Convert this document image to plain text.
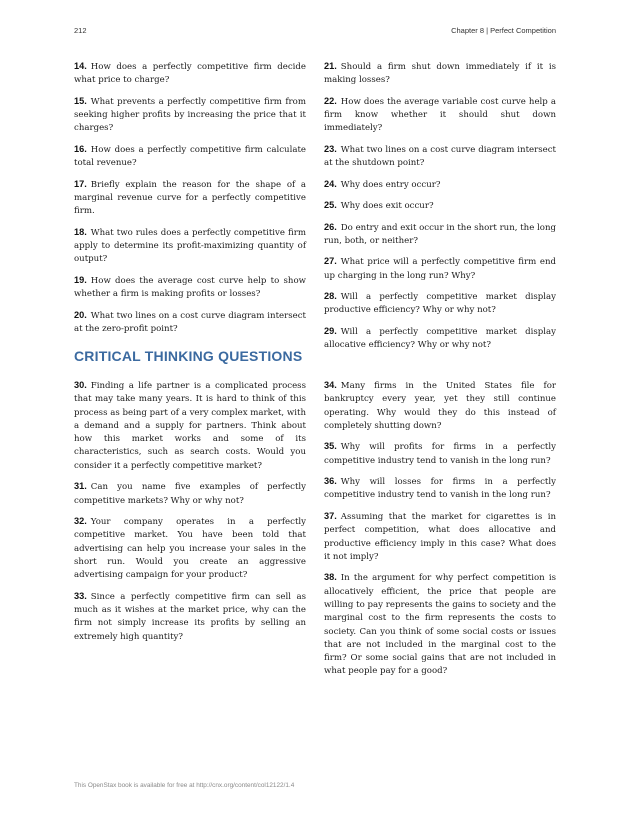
212	Chapter 8 | Perfect Competition

14. How does a perfectly competitive firm decide what price to charge?

15. What prevents a perfectly competitive firm from seeking higher profits by increasing the price that it charges?

16. How does a perfectly competitive firm calculate total revenue?

17. Briefly explain the reason for the shape of a marginal revenue curve for a perfectly competitive firm.

18. What two rules does a perfectly competitive firm apply to determine its profit-maximizing quantity of output?

19. How does the average cost curve help to show whether a firm is making profits or losses?

20. What two lines on a cost curve diagram intersect at the zero-profit point?

21. Should a firm shut down immediately if it is making losses?

22. How does the average variable cost curve help a firm know whether it should shut down immediately?

23. What two lines on a cost curve diagram intersect at the shutdown point?

24. Why does entry occur?

25. Why does exit occur?

26. Do entry and exit occur in the short run, the long run, both, or neither?

27. What price will a perfectly competitive firm end up charging in the long run? Why?

28. Will a perfectly competitive market display productive efficiency? Why or why not?

29. Will a perfectly competitive market display allocative efficiency? Why or why not?

CRITICAL THINKING QUESTIONS

30. Finding a life partner is a complicated process that may take many years. It is hard to think of this process as being part of a very complex market, with a demand and a supply for partners. Think about how this market works and some of its characteristics, such as search costs. Would you consider it a perfectly competitive market?

31. Can you name five examples of perfectly competitive markets? Why or why not?

32. Your company operates in a perfectly competitive market. You have been told that advertising can help you increase your sales in the short run. Would you create an aggressive advertising campaign for your product?

33. Since a perfectly competitive firm can sell as much as it wishes at the market price, why can the firm not simply increase its profits by selling an extremely high quantity?

34. Many firms in the United States file for bankruptcy every year, yet they still continue operating. Why would they do this instead of completely shutting down?

35. Why will profits for firms in a perfectly competitive industry tend to vanish in the long run?

36. Why will losses for firms in a perfectly competitive industry tend to vanish in the long run?

37. Assuming that the market for cigarettes is in perfect competition, what does allocative and productive efficiency imply in this case? What does it not imply?

38. In the argument for why perfect competition is allocatively efficient, the price that people are willing to pay represents the gains to society and the marginal cost to the firm represents the costs to society. Can you think of some social costs or issues that are not included in the marginal cost to the firm? Or some social gains that are not included in what people pay for a good?

This OpenStax book is available for free at http://cnx.org/content/col12122/1.4
